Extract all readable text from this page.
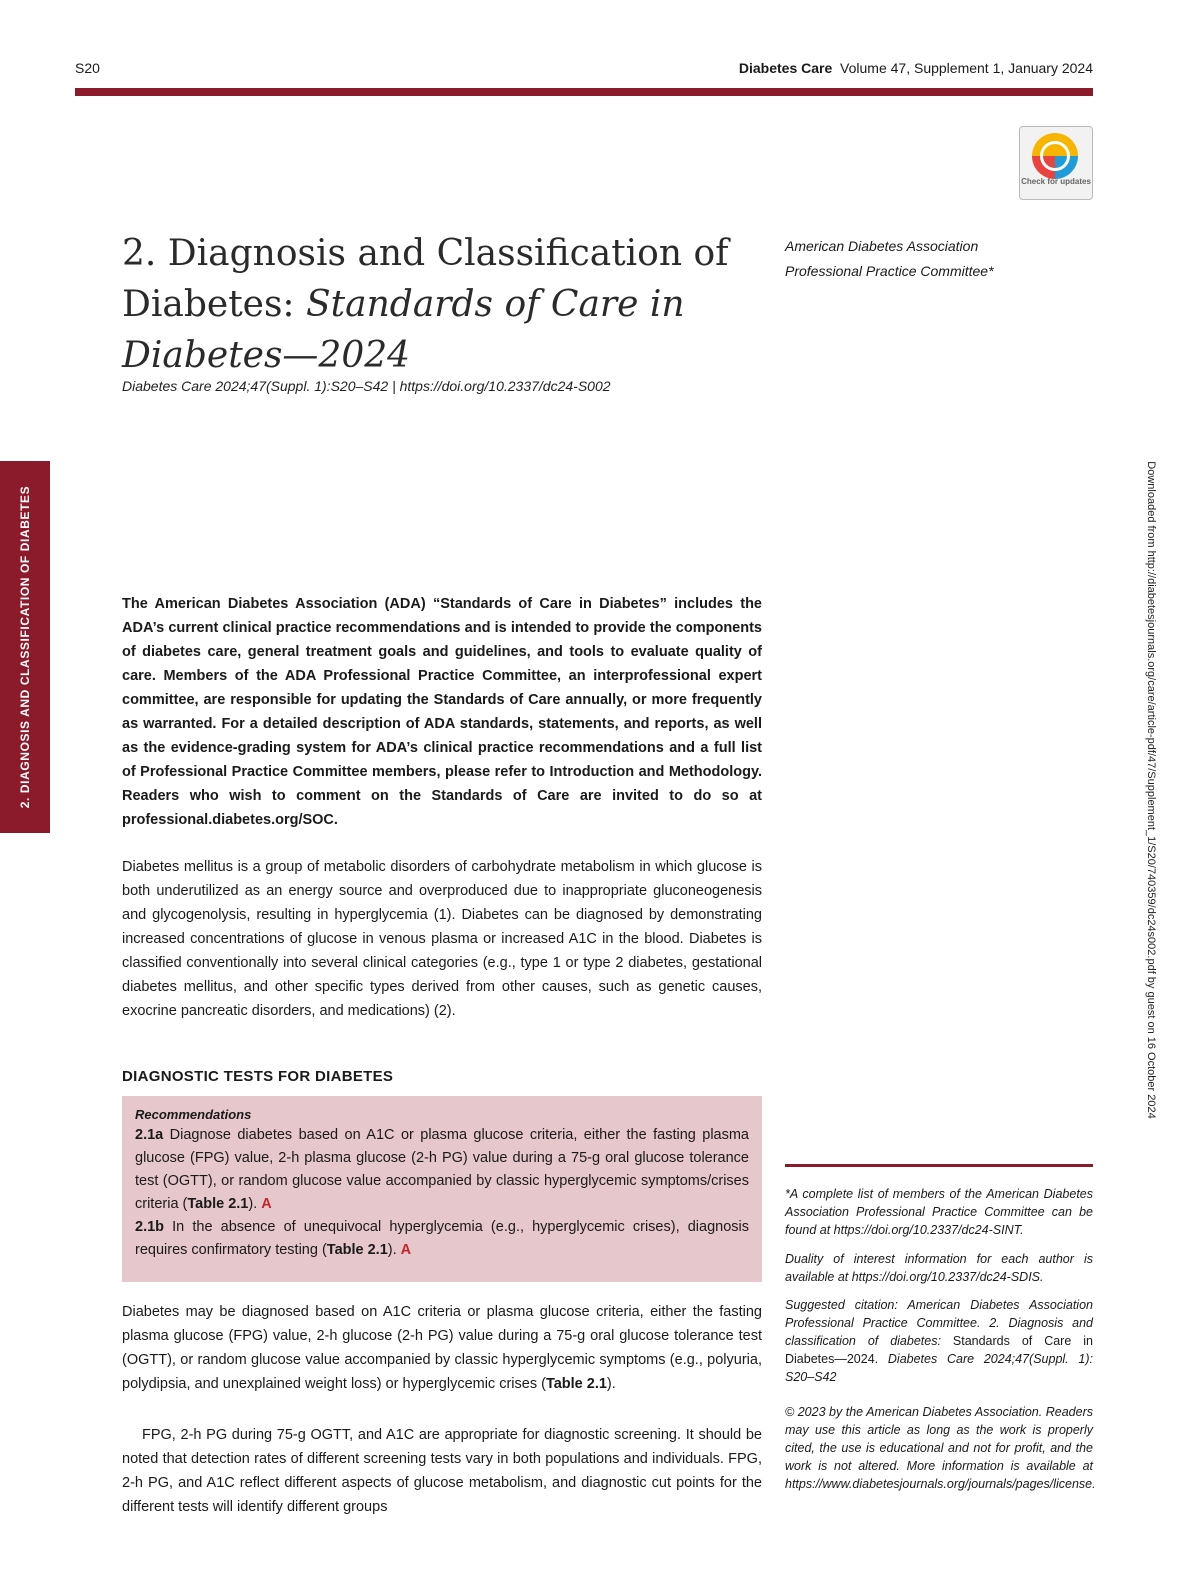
S20	Diabetes Care Volume 47, Supplement 1, January 2024
Check for updates
2. Diagnosis and Classification of
Diabetes: Standards of Care in
Diabetes—2024
Diabetes Care 2024;47(Suppl. 1):S20–S42 | https://doi.org/10.2337/dc24-S002
American Diabetes Association
Professional Practice Committee*
2. DIAGNOSIS AND CLASSIFICATION OF DIABETES	Downloaded from http://diabetesjournals.org/care/article-pdf/47/Supplement_1/S20/740359/dc24s002.pdf by guest on 16 October 2024
The American Diabetes Association (ADA) “Standards of Care in Diabetes” includes the ADA’s current clinical practice recommendations and is intended to provide the components of diabetes care, general treatment goals and guidelines, and tools to evaluate quality of care. Members of the ADA Professional Practice Committee, an interprofessional expert committee, are responsible for updating the Standards of Care annually, or more frequently as warranted. For a detailed description of ADA standards, statements, and reports, as well as the evidence-grading system for ADA’s clinical practice recommendations and a full list of Professional Practice Committee members, please refer to Introduction and Methodology. Readers who wish to comment on the Standards of Care are invited to do so at professional.diabetes.org/SOC.
Diabetes mellitus is a group of metabolic disorders of carbohydrate metabolism in which glucose is both underutilized as an energy source and overproduced due to inappropriate gluconeogenesis and glycogenolysis, resulting in hyperglycemia (1). Diabetes can be diagnosed by demonstrating increased concentrations of glucose in venous plasma or increased A1C in the blood. Diabetes is classified conventionally into several clinical categories (e.g., type 1 or type 2 diabetes, gestational diabetes mellitus, and other specific types derived from other causes, such as genetic causes, exocrine pancreatic disorders, and medications) (2).
DIAGNOSTIC TESTS FOR DIABETES
Recommendations
2.1a Diagnose diabetes based on A1C or plasma glucose criteria, either the fasting plasma glucose (FPG) value, 2-h plasma glucose (2-h PG) value during a 75-g oral glucose tolerance test (OGTT), or random glucose value accompanied by classic hyperglycemic symptoms/crises criteria (Table 2.1). A
2.1b In the absence of unequivocal hyperglycemia (e.g., hyperglycemic crises), diagnosis requires confirmatory testing (Table 2.1). A
Diabetes may be diagnosed based on A1C criteria or plasma glucose criteria, either the fasting plasma glucose (FPG) value, 2-h glucose (2-h PG) value during a 75-g oral glucose tolerance test (OGTT), or random glucose value accompanied by classic hyperglycemic symptoms (e.g., polyuria, polydipsia, and unexplained weight loss) or hyperglycemic crises (Table 2.1).
FPG, 2-h PG during 75-g OGTT, and A1C are appropriate for diagnostic screening. It should be noted that detection rates of different screening tests vary in both populations and individuals. FPG, 2-h PG, and A1C reflect different aspects of glucose metabolism, and diagnostic cut points for the different tests will identify different groups
*A complete list of members of the American Diabetes Association Professional Practice Committee can be found at https://doi.org/10.2337/dc24-SINT.
Duality of interest information for each author is available at https://doi.org/10.2337/dc24-SDIS.
Suggested citation: American Diabetes Association Professional Practice Committee. 2. Diagnosis and classification of diabetes: Standards of Care in Diabetes—2024. Diabetes Care 2024;47(Suppl. 1): S20–S42
© 2023 by the American Diabetes Association. Readers may use this article as long as the work is properly cited, the use is educational and not for profit, and the work is not altered. More information is available at https://www.diabetesjournals.org/journals/pages/license.
